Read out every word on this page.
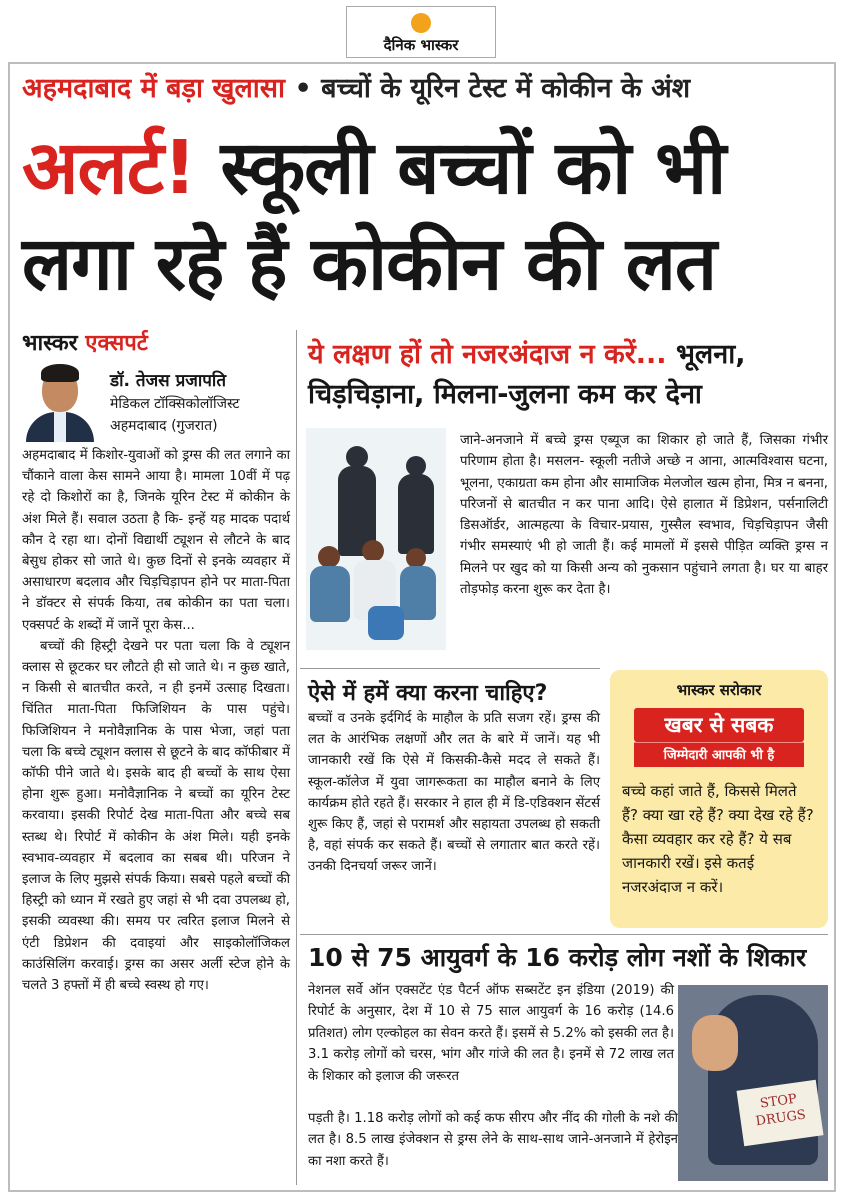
दैनिक भास्कर
अहमदाबाद में बड़ा खुलासा • बच्चों के यूरिन टेस्ट में कोकीन के अंश
अलर्ट! स्कूली बच्चों को भी
लगा रहे हैं कोकीन की लत
भास्कर एक्सपर्ट
डॉ. तेजस प्रजापति
मेडिकल टॉक्सिकोलॉजिस्ट
अहमदाबाद (गुजरात)

अहमदाबाद में किशोर-युवाओं को ड्रग्स की लत लगाने का चौंकाने वाला केस सामने आया है। मामला 10वीं में पढ़ रहे दो किशोरों का है, जिनके यूरिन टेस्ट में कोकीन के अंश मिले हैं। सवाल उठता है कि- इन्हें यह मादक पदार्थ कौन दे रहा था। दोनों विद्यार्थी ट्यूशन से लौटने के बाद बेसुध होकर सो जाते थे। कुछ दिनों से इनके व्यवहार में असाधारण बदलाव और चिड़चिड़ापन होने पर माता-पिता ने डॉक्टर से संपर्क किया, तब कोकीन का पता चला। एक्सपर्ट के शब्दों में जानें पूरा केस...

बच्चों की हिस्ट्री देखने पर पता चला कि वे ट्यूशन क्लास से छूटकर घर लौटते ही सो जाते थे। न कुछ खाते, न किसी से बातचीत करते, न ही इनमें उत्साह दिखता। चिंतित माता-पिता फिजिशियन के पास पहुंचे। फिजिशियन ने मनोवैज्ञानिक के पास भेजा, जहां पता चला कि बच्चे ट्यूशन क्लास से छूटने के बाद कॉफीबार में कॉफी पीने जाते थे। इसके बाद ही बच्चों के साथ ऐसा होना शुरू हुआ। मनोवैज्ञानिक ने बच्चों का यूरिन टेस्ट करवाया। इसकी रिपोर्ट देख माता-पिता और बच्चे सब स्तब्ध थे। रिपोर्ट में कोकीन के अंश मिले। यही इनके स्वभाव-व्यवहार में बदलाव का सबब थी। परिजन ने इलाज के लिए मुझसे संपर्क किया। सबसे पहले बच्चों की हिस्ट्री को ध्यान में रखते हुए जहां से भी दवा उपलब्ध हो, इसकी व्यवस्था की। समय पर त्वरित इलाज मिलने से एंटी डिप्रेशन की दवाइयां और साइकोलॉजिकल काउंसिलिंग करवाई। ड्रग्स का असर अर्ली स्टेज होने के चलते 3 हफ्तों में ही बच्चे स्वस्थ हो गए।

ये लक्षण हों तो नजरअंदाज न करें... भूलना, चिड़चिड़ाना, मिलना-जुलना कम कर देना
जाने-अनजाने में बच्चे ड्रग्स एब्यूज का शिकार हो जाते हैं, जिसका गंभीर परिणाम होता है। मसलन- स्कूली नतीजे अच्छे न आना, आत्मविश्वास घटना, भूलना, एकाग्रता कम होना और सामाजिक मेलजोल खत्म होना, मित्र न बनना, परिजनों से बातचीत न कर पाना आदि। ऐसे हालात में डिप्रेशन, पर्सनालिटी डिसऑर्डर, आत्महत्या के विचार-प्रयास, गुस्सैल स्वभाव, चिड़चिड़ापन जैसी गंभीर समस्याएं भी हो जाती हैं। कई मामलों में इससे पीड़ित व्यक्ति ड्रग्स न मिलने पर खुद को या किसी अन्य को नुकसान पहुंचाने लगता है। घर या बाहर तोड़फोड़ करना शुरू कर देता है।
ऐसे में हमें क्या करना चाहिए?
बच्चों व उनके इर्दगिर्द के माहौल के प्रति सजग रहें। ड्रग्स की लत के आरंभिक लक्षणों और लत के बारे में जानें। यह भी जानकारी रखें कि ऐसे में किसकी-कैसे मदद ले सकते हैं। स्कूल-कॉलेज में युवा जागरूकता का माहौल बनाने के लिए कार्यक्रम होते रहते हैं। सरकार ने हाल ही में डि-एडिक्शन सेंटर्स शुरू किए हैं, जहां से परामर्श और सहायता उपलब्ध हो सकती है, वहां संपर्क कर सकते हैं। बच्चों से लगातार बात करते रहें। उनकी दिनचर्या जरूर जानें।
भास्कर सरोकार
खबर से सबक
जिम्मेदारी आपकी भी है
बच्चे कहां जाते हैं, किससे मिलते हैं? क्या खा रहे हैं? क्या देख रहे हैं? कैसा व्यवहार कर रहे हैं? ये सब जानकारी रखें। इसे कतई नजरअंदाज न करें।
10 से 75 आयुवर्ग के 16 करोड़ लोग नशों के शिकार
नेशनल सर्वे ऑन एक्सटेंट एंड पैटर्न ऑफ सब्सटेंट इन इंडिया (2019) की रिपोर्ट के अनुसार, देश में 10 से 75 साल आयुवर्ग के 16 करोड़ (14.6 प्रतिशत) लोग एल्कोहल का सेवन करते हैं। इसमें से 5.2% को इसकी लत है। 3.1 करोड़ लोगों को चरस, भांग और गांजे की लत है। इनमें से 72 लाख लत के शिकार को इलाज की जरूरत
पड़ती है। 1.18 करोड़ लोगों को कई कफ सीरप और नींद की गोली के नशे की लत है। 8.5 लाख इंजेक्शन से ड्रग्स लेने के साथ-साथ जाने-अनजाने में हेरोइन का नशा करते हैं।
STOP DRUGS
